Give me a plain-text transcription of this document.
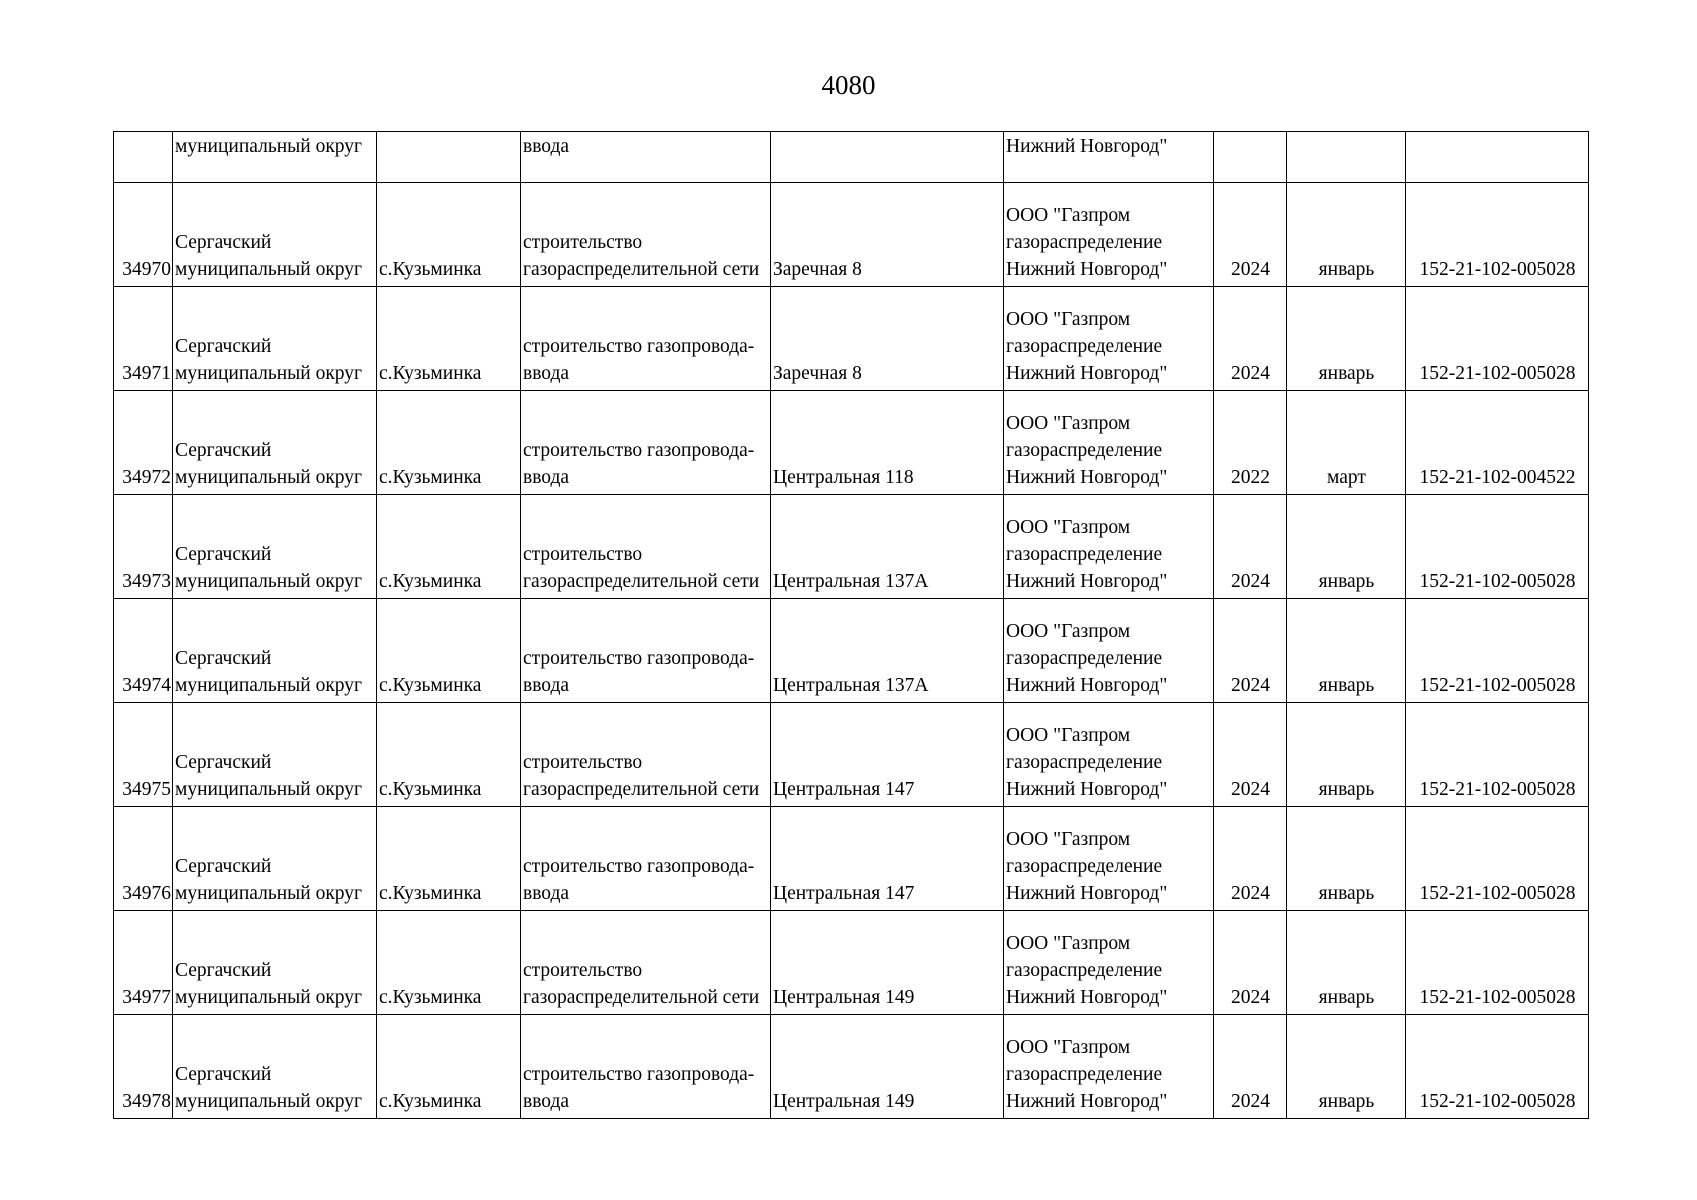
4080
	муниципальный округ		ввода		Нижний Новгород"			
34970	Сергачский
муниципальный округ	с.Кузьминка	строительство
газораспределительной сети	Заречная 8	ООО "Газпром
газораспределение
Нижний Новгород"	2024	январь	152-21-102-005028
34971	Сергачский
муниципальный округ	с.Кузьминка	строительство газопровода-
ввода	Заречная 8	ООО "Газпром
газораспределение
Нижний Новгород"	2024	январь	152-21-102-005028
34972	Сергачский
муниципальный округ	с.Кузьминка	строительство газопровода-
ввода	Центральная 118	ООО "Газпром
газораспределение
Нижний Новгород"	2022	март	152-21-102-004522
34973	Сергачский
муниципальный округ	с.Кузьминка	строительство
газораспределительной сети	Центральная 137А	ООО "Газпром
газораспределение
Нижний Новгород"	2024	январь	152-21-102-005028
34974	Сергачский
муниципальный округ	с.Кузьминка	строительство газопровода-
ввода	Центральная 137А	ООО "Газпром
газораспределение
Нижний Новгород"	2024	январь	152-21-102-005028
34975	Сергачский
муниципальный округ	с.Кузьминка	строительство
газораспределительной сети	Центральная 147	ООО "Газпром
газораспределение
Нижний Новгород"	2024	январь	152-21-102-005028
34976	Сергачский
муниципальный округ	с.Кузьминка	строительство газопровода-
ввода	Центральная 147	ООО "Газпром
газораспределение
Нижний Новгород"	2024	январь	152-21-102-005028
34977	Сергачский
муниципальный округ	с.Кузьминка	строительство
газораспределительной сети	Центральная 149	ООО "Газпром
газораспределение
Нижний Новгород"	2024	январь	152-21-102-005028
34978	Сергачский
муниципальный округ	с.Кузьминка	строительство газопровода-
ввода	Центральная 149	ООО "Газпром
газораспределение
Нижний Новгород"	2024	январь	152-21-102-005028
